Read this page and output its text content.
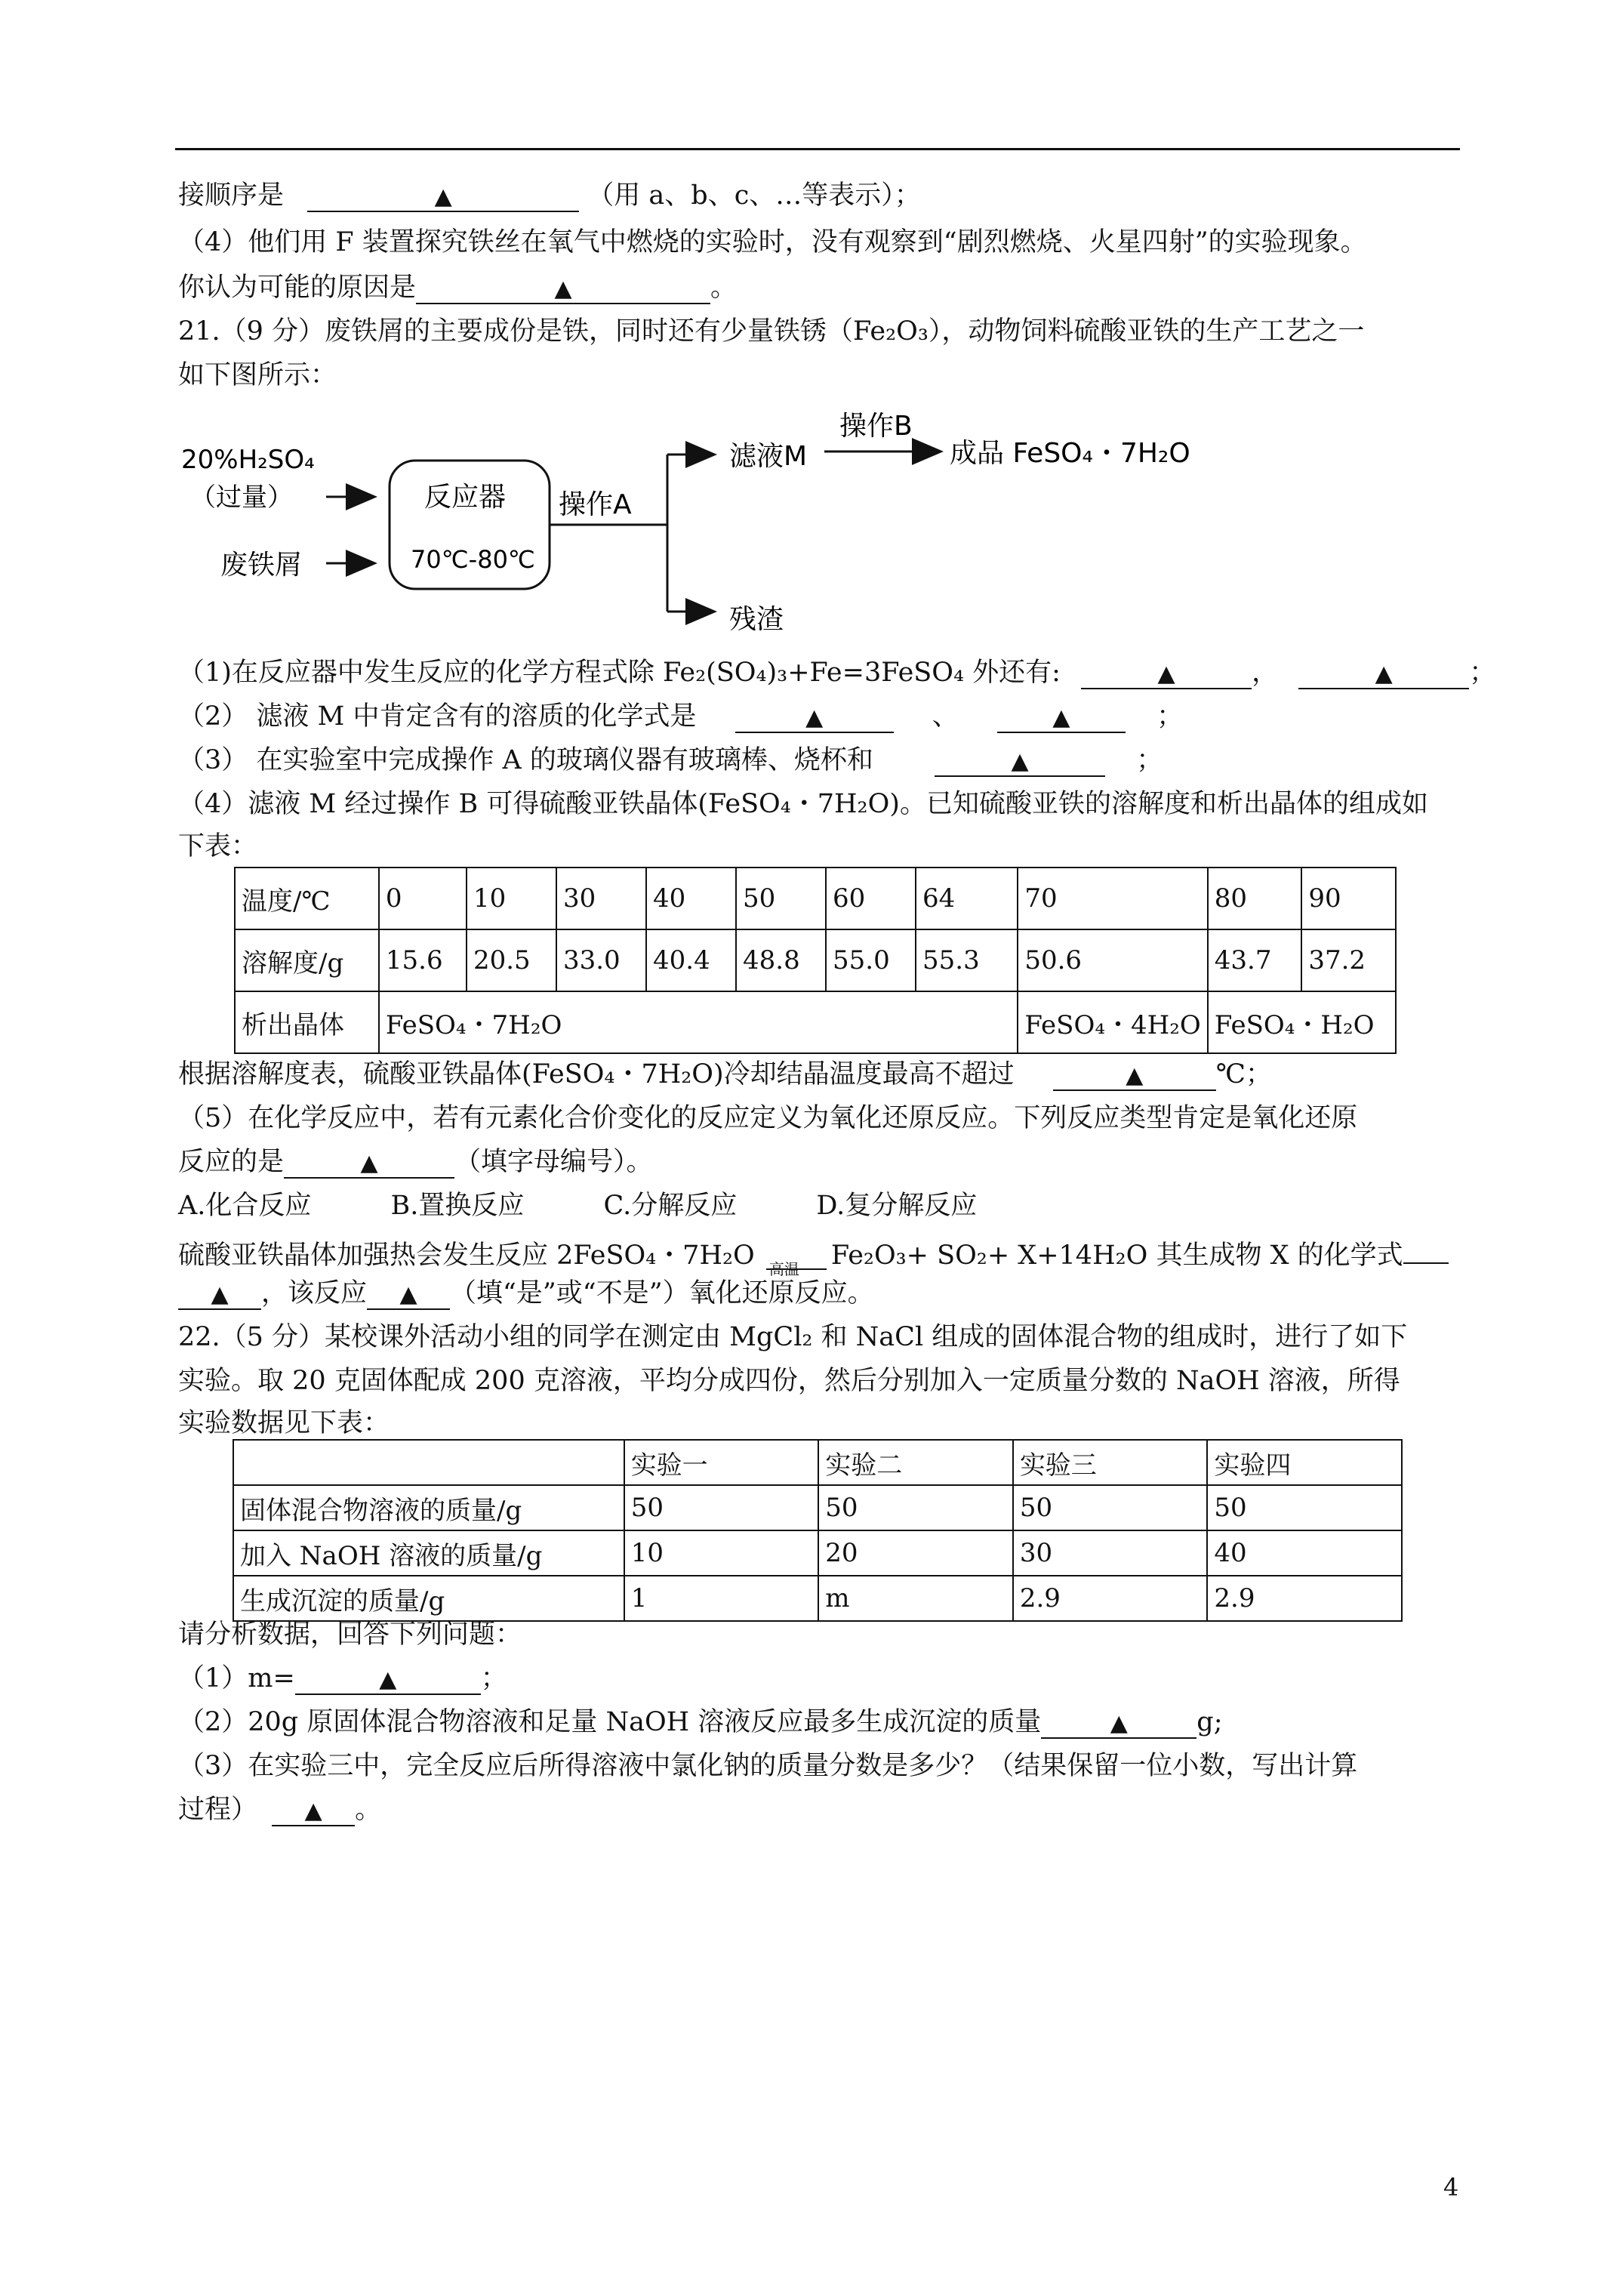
接顺序是	▲	（用 a、b、c、…等表示）；
（4）他们用 F 装置探究铁丝在氧气中燃烧的实验时，没有观察到“剧烈燃烧、火星四射”的实验现象。
你认为可能的原因是	▲	。
21.（9 分）废铁屑的主要成份是铁，同时还有少量铁锈（Fe₂O₃），动物饲料硫酸亚铁的生产工艺之一
如下图所示：
20%H₂SO₄
（过量）
废铁屑
反应器
70℃-80℃
操作A
滤液M
操作B
成品 FeSO₄・7H₂O
残渣
（1)在反应器中发生反应的化学方程式除 Fe₂(SO₄)₃+Fe=3FeSO₄ 外还有:	▲	，	▲	；
（2） 滤液 M 中肯定含有的溶质的化学式是	▲	、	▲	；
（3） 在实验室中完成操作 A 的玻璃仪器有玻璃棒、烧杯和	▲	；
（4）滤液 M 经过操作 B 可得硫酸亚铁晶体(FeSO₄・7H₂O)。已知硫酸亚铁的溶解度和析出晶体的组成如
下表：
温度/℃	0	10	30	40	50	60	64	70	80	90
溶解度/g	15.6	20.5	33.0	40.4	48.8	55.0	55.3	50.6	43.7	37.2
析出晶体	FeSO₄・7H₂O							FeSO₄・4H₂O	FeSO₄・H₂O	
根据溶解度表，硫酸亚铁晶体(FeSO₄・7H₂O)冷却结晶温度最高不超过	▲	℃；
（5）在化学反应中，若有元素化合价变化的反应定义为氧化还原反应。下列反应类型肯定是氧化还原
反应的是	▲	（填字母编号）。
A.化合反应	B.置换反应	C.分解反应	D.复分解反应
硫酸亚铁晶体加强热会发生反应 2FeSO₄・7H₂O 高温 Fe₂O₃+ SO₂+ X+14H₂O 其生成物 X 的化学式
▲ ，该反应 ▲ （填“是”或“不是”）氧化还原反应。
22.（5 分）某校课外活动小组的同学在测定由 MgCl₂ 和 NaCl 组成的固体混合物的组成时，进行了如下
实验。取 20 克固体配成 200 克溶液，平均分成四份，然后分别加入一定质量分数的 NaOH 溶液，所得
实验数据见下表：
	实验一	实验二	实验三	实验四
固体混合物溶液的质量/g	50	50	50	50
加入 NaOH 溶液的质量/g	10	20	30	40
生成沉淀的质量/g	1	m	2.9	2.9
请分析数据，回答下列问题：
（1）m=	▲	；
（2）20g 原固体混合物溶液和足量 NaOH 溶液反应最多生成沉淀的质量	▲	g;
（3）在实验三中，完全反应后所得溶液中氯化钠的质量分数是多少？（结果保留一位小数，写出计算
过程） ▲ 。
4
